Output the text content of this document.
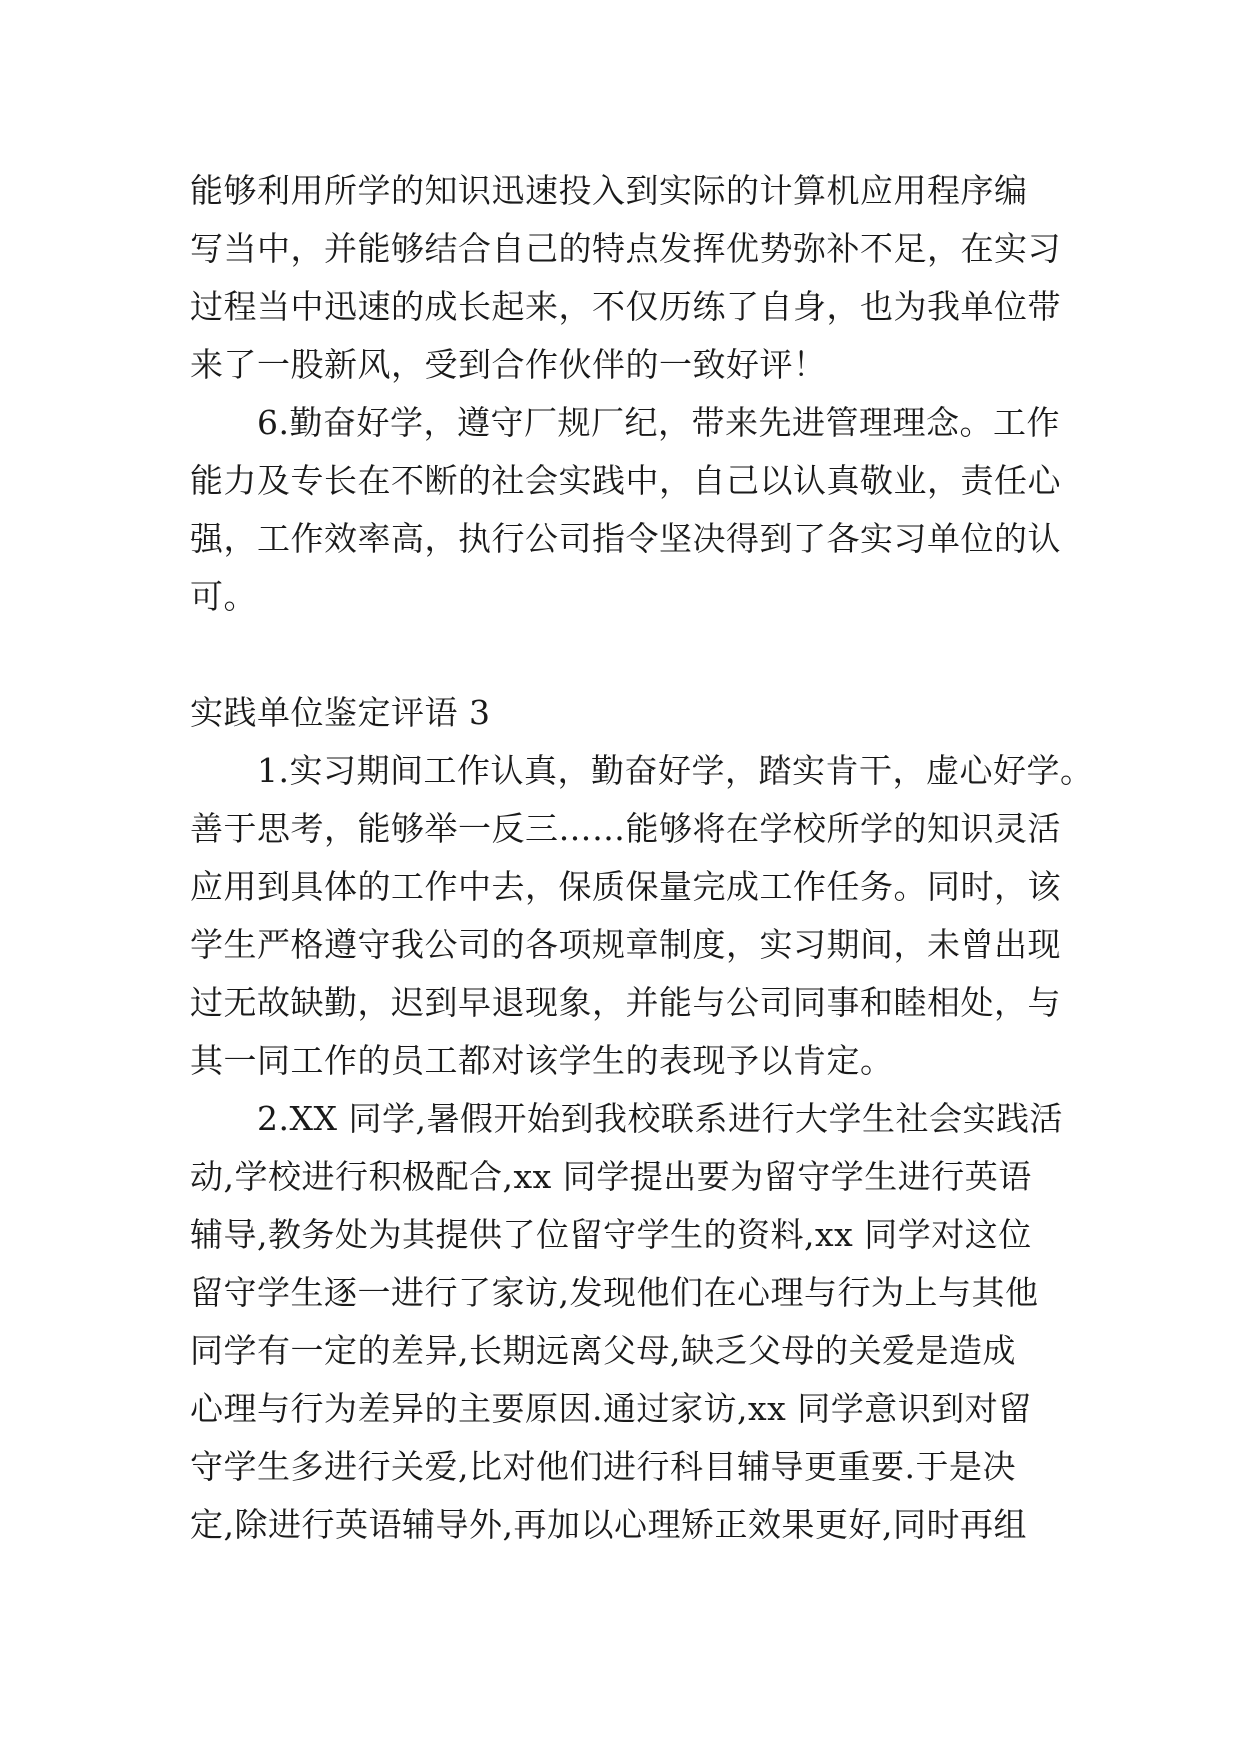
能够利用所学的知识迅速投入到实际的计算机应用程序编
写当中，并能够结合自己的特点发挥优势弥补不足，在实习
过程当中迅速的成长起来，不仅历练了自身，也为我单位带
来了一股新风，受到合作伙伴的一致好评！

6.勤奋好学，遵守厂规厂纪，带来先进管理理念。工作
能力及专长在不断的社会实践中，自己以认真敬业，责任心
强，工作效率高，执行公司指令坚决得到了各实习单位的认
可。

实践单位鉴定评语 3

1.实习期间工作认真，勤奋好学，踏实肯干，虚心好学。
善于思考，能够举一反三……能够将在学校所学的知识灵活
应用到具体的工作中去，保质保量完成工作任务。同时，该
学生严格遵守我公司的各项规章制度，实习期间，未曾出现
过无故缺勤，迟到早退现象，并能与公司同事和睦相处，与
其一同工作的员工都对该学生的表现予以肯定。

2.XX 同学,暑假开始到我校联系进行大学生社会实践活
动,学校进行积极配合,xx 同学提出要为留守学生进行英语
辅导,教务处为其提供了位留守学生的资料,xx 同学对这位
留守学生逐一进行了家访,发现他们在心理与行为上与其他
同学有一定的差异,长期远离父母,缺乏父母的关爱是造成
心理与行为差异的主要原因.通过家访,xx 同学意识到对留
守学生多进行关爱,比对他们进行科目辅导更重要.于是决
定,除进行英语辅导外,再加以心理矫正效果更好,同时再组
